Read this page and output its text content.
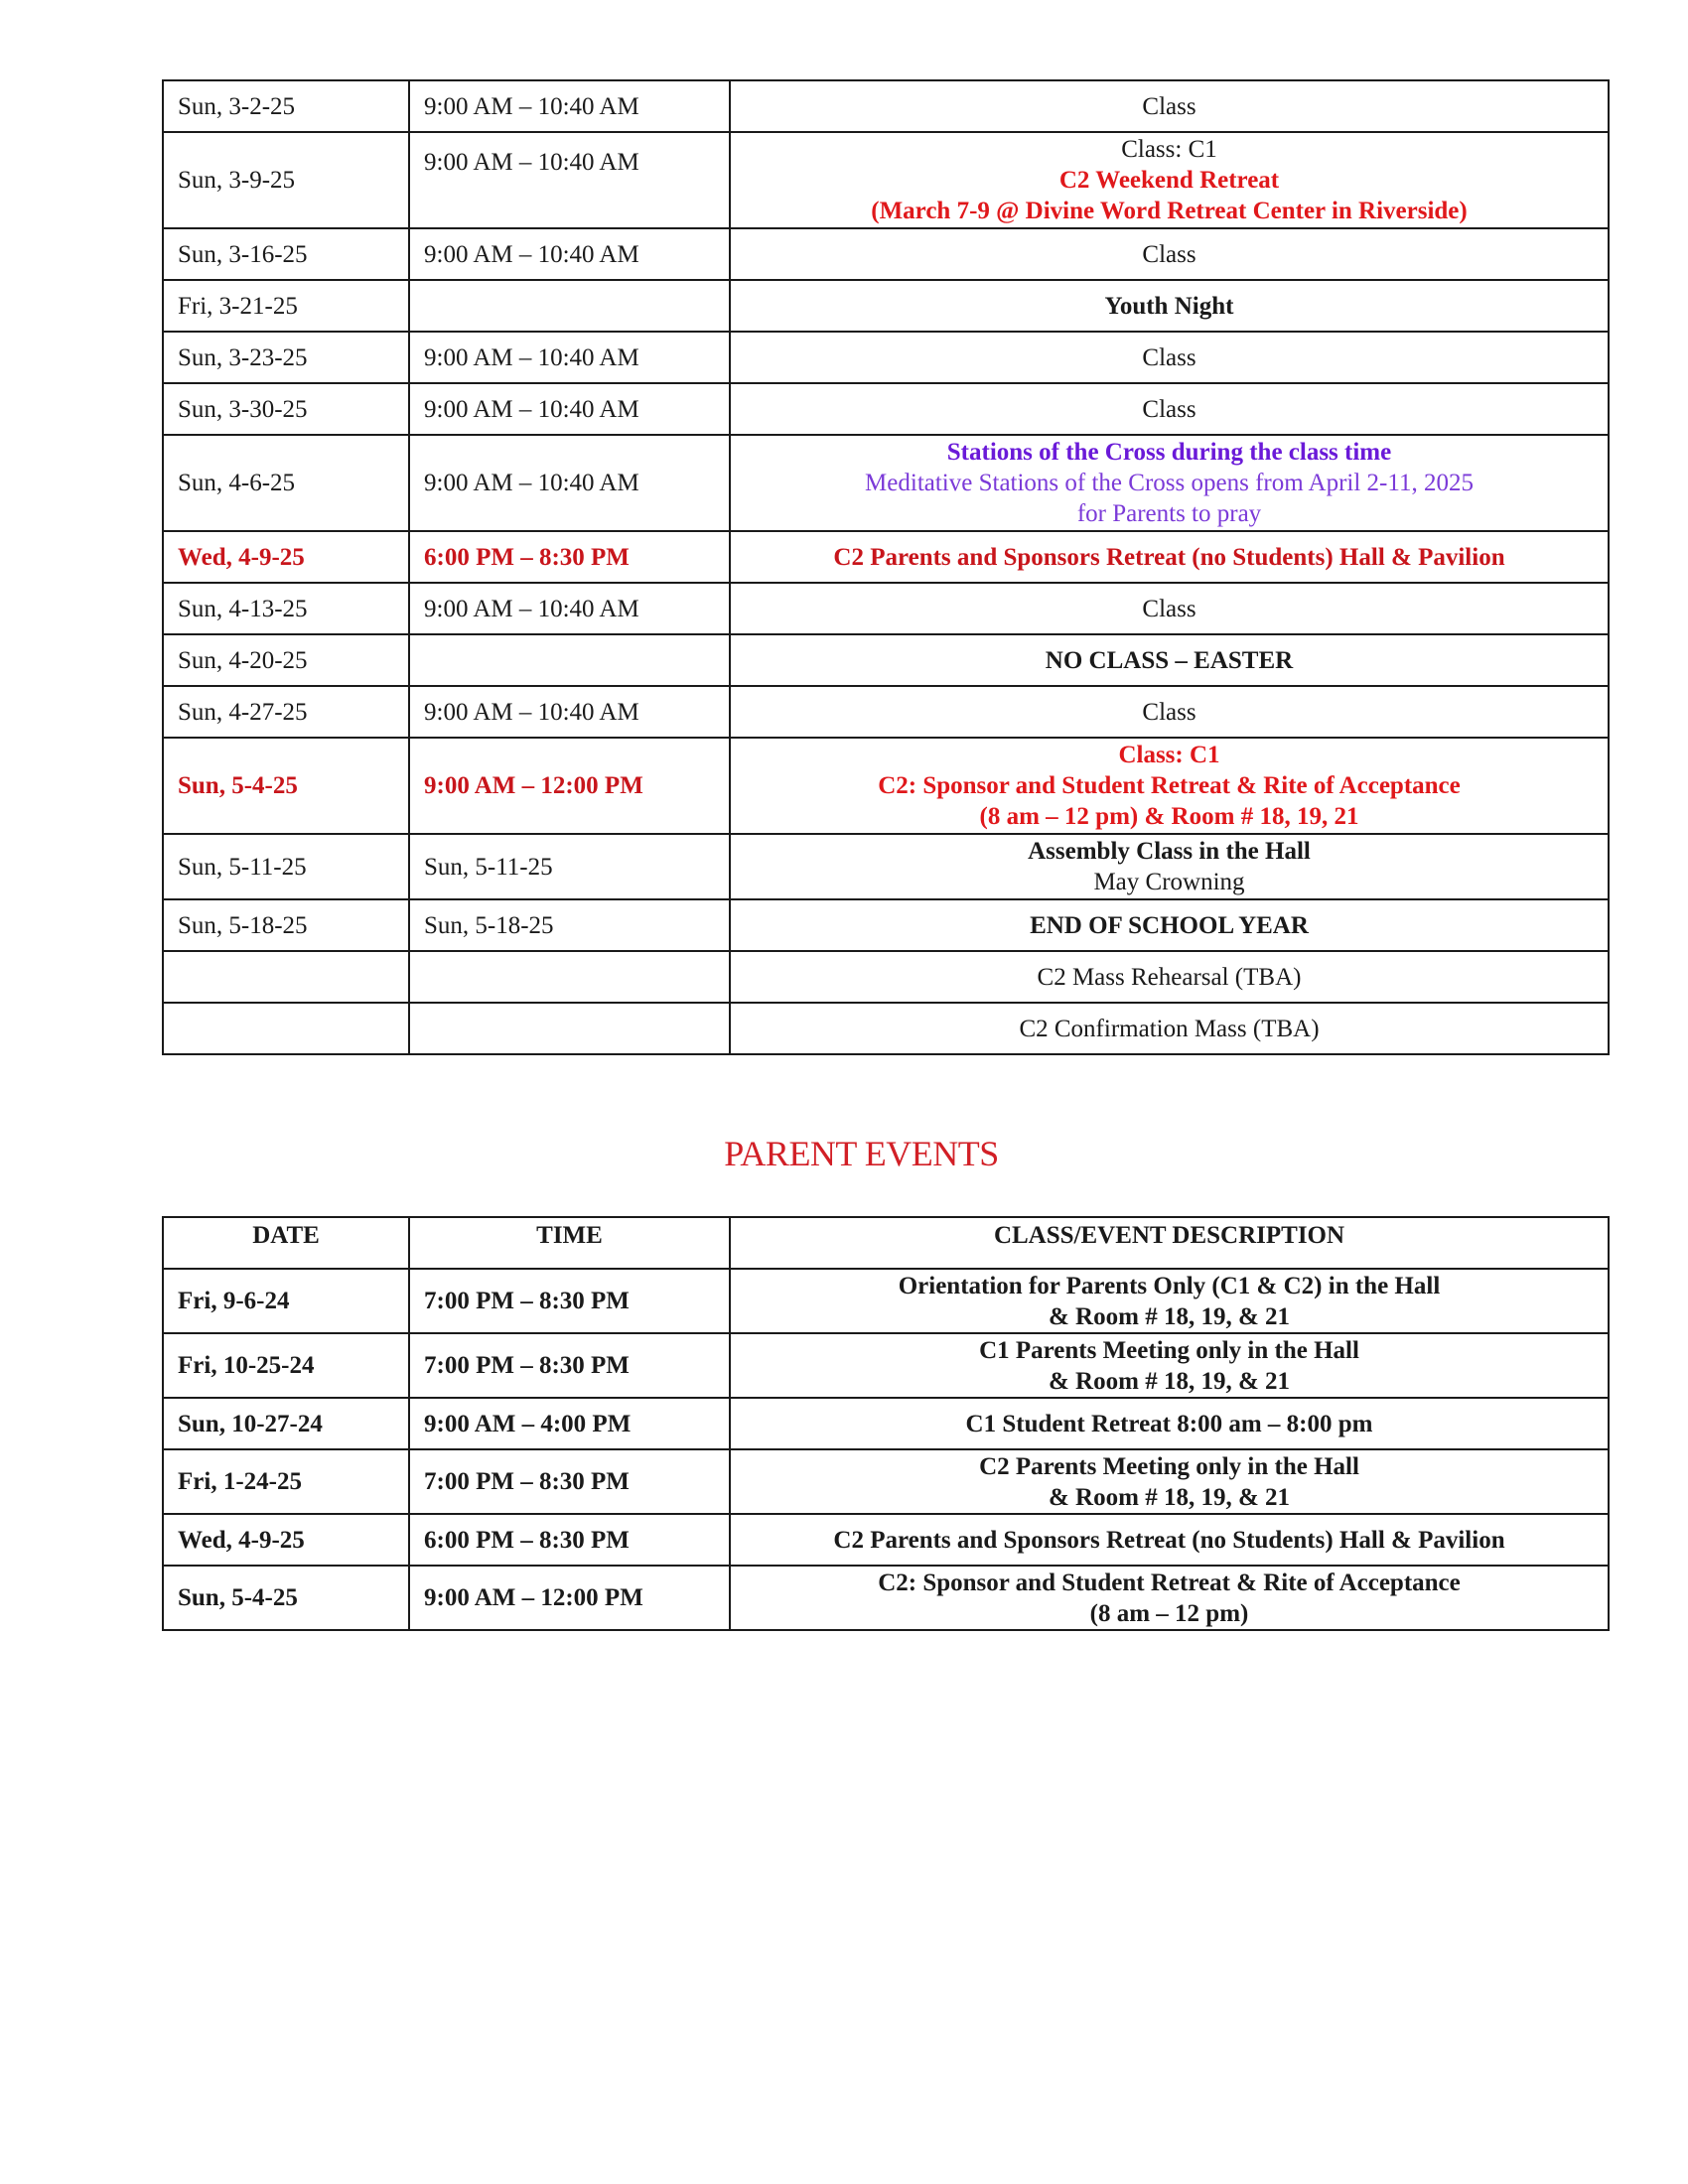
Sun, 3-2-25	9:00 AM – 10:40 AM	Class

Sun, 3-9-25	9:00 AM – 10:40 AM	Class: C1
C2 Weekend Retreat
(March 7-9 @ Divine Word Retreat Center in Riverside)

Sun, 3-16-25	9:00 AM – 10:40 AM	Class

Fri, 3-21-25		Youth Night

Sun, 3-23-25	9:00 AM – 10:40 AM	Class

Sun, 3-30-25	9:00 AM – 10:40 AM	Class

Sun, 4-6-25	9:00 AM – 10:40 AM	Stations of the Cross during the class time
Meditative Stations of the Cross opens from April 2-11, 2025
for Parents to pray

Wed, 4-9-25	6:00 PM – 8:30 PM	C2 Parents and Sponsors Retreat (no Students) Hall & Pavilion

Sun, 4-13-25	9:00 AM – 10:40 AM	Class

Sun, 4-20-25		NO CLASS – EASTER

Sun, 4-27-25	9:00 AM – 10:40 AM	Class

Sun, 5-4-25	9:00 AM – 12:00 PM	Class: C1
C2: Sponsor and Student Retreat & Rite of Acceptance
(8 am – 12 pm) & Room # 18, 19, 21

Sun, 5-11-25	Sun, 5-11-25	Assembly Class in the Hall
May Crowning

Sun, 5-18-25	Sun, 5-18-25	END OF SCHOOL YEAR

		C2 Mass Rehearsal (TBA)

		C2 Confirmation Mass (TBA)
PARENT EVENTS
DATE	TIME	CLASS/EVENT DESCRIPTION
Fri, 9-6-24	7:00 PM – 8:30 PM	Orientation for Parents Only (C1 & C2) in the Hall
& Room # 18, 19, & 21

Fri, 10-25-24	7:00 PM – 8:30 PM	C1 Parents Meeting only in the Hall
& Room # 18, 19, & 21

Sun, 10-27-24	9:00 AM – 4:00 PM	C1 Student Retreat 8:00 am – 8:00 pm

Fri, 1-24-25	7:00 PM – 8:30 PM	C2 Parents Meeting only in the Hall
& Room # 18, 19, & 21

Wed, 4-9-25	6:00 PM – 8:30 PM	C2 Parents and Sponsors Retreat (no Students) Hall & Pavilion

Sun, 5-4-25	9:00 AM – 12:00 PM	C2: Sponsor and Student Retreat & Rite of Acceptance
(8 am – 12 pm)
